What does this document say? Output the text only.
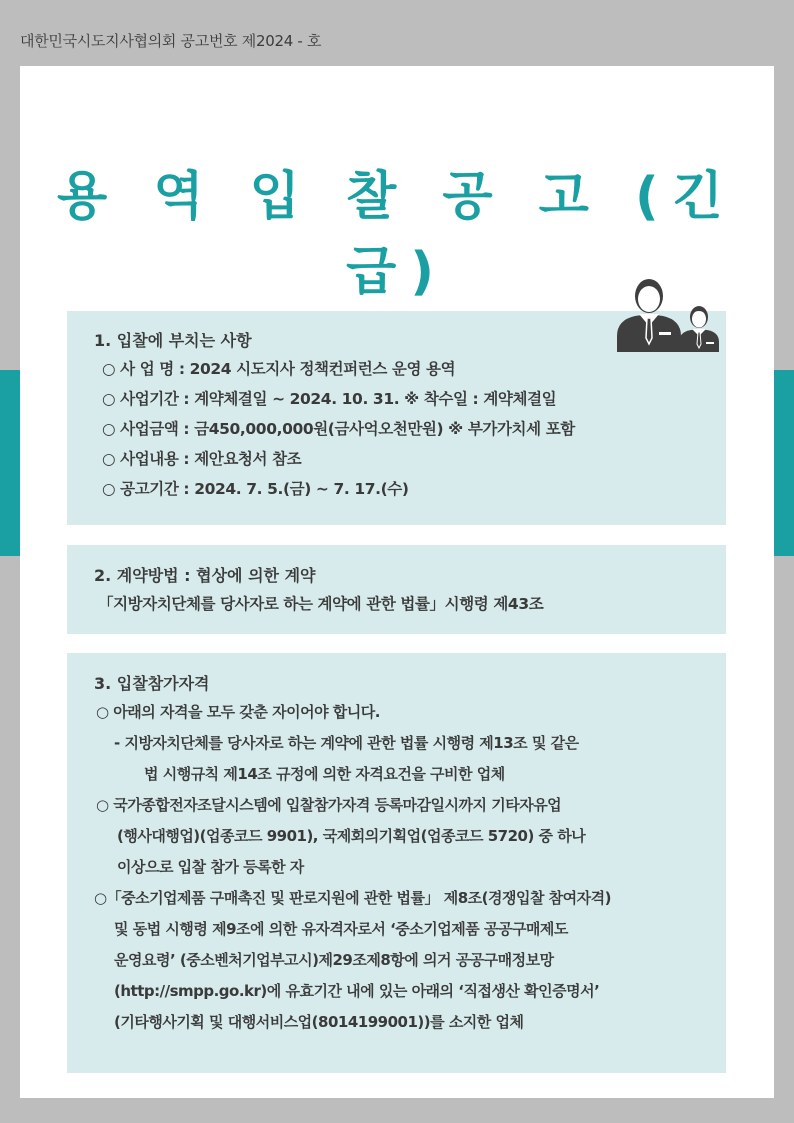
대한민국시도지사협의회 공고번호 제2024 - 호
용 역 입 찰 공 고 (긴급)
1. 입찰에 부치는 사항
○ 사 업 명 : 2024 시도지사 정책컨퍼런스 운영 용역
○ 사업기간 : 계약체결일 ~ 2024. 10. 31. ※ 착수일 : 계약체결일
○ 사업금액 : 금450,000,000원(금사억오천만원) ※ 부가가치세 포함
○ 사업내용 : 제안요청서 참조
○ 공고기간 : 2024. 7. 5.(금) ~ 7. 17.(수)
2. 계약방법 : 협상에 의한 계약
「지방자치단체를 당사자로 하는 계약에 관한 법률」시행령 제43조
3. 입찰참가자격
○ 아래의 자격을 모두 갖춘 자이어야 합니다.
- 지방자치단체를 당사자로 하는 계약에 관한 법률 시행령 제13조 및 같은
법 시행규칙 제14조 규정에 의한 자격요건을 구비한 업체
○ 국가종합전자조달시스템에 입찰참가자격 등록마감일시까지 기타자유업
(행사대행업)(업종코드 9901), 국제회의기획업(업종코드 5720) 중 하나
이상으로 입찰 참가 등록한 자
○「중소기업제품 구매촉진 및 판로지원에 관한 법률」 제8조(경쟁입찰 참여자격)
및 동법 시행령 제9조에 의한 유자격자로서 ‘중소기업제품 공공구매제도
운영요령’ (중소벤처기업부고시)제29조제8항에 의거 공공구매정보망
(http://smpp.go.kr)에 유효기간 내에 있는 아래의 ‘직접생산 확인증명서’
(기타행사기획 및 대행서비스업(8014199001))를 소지한 업체
